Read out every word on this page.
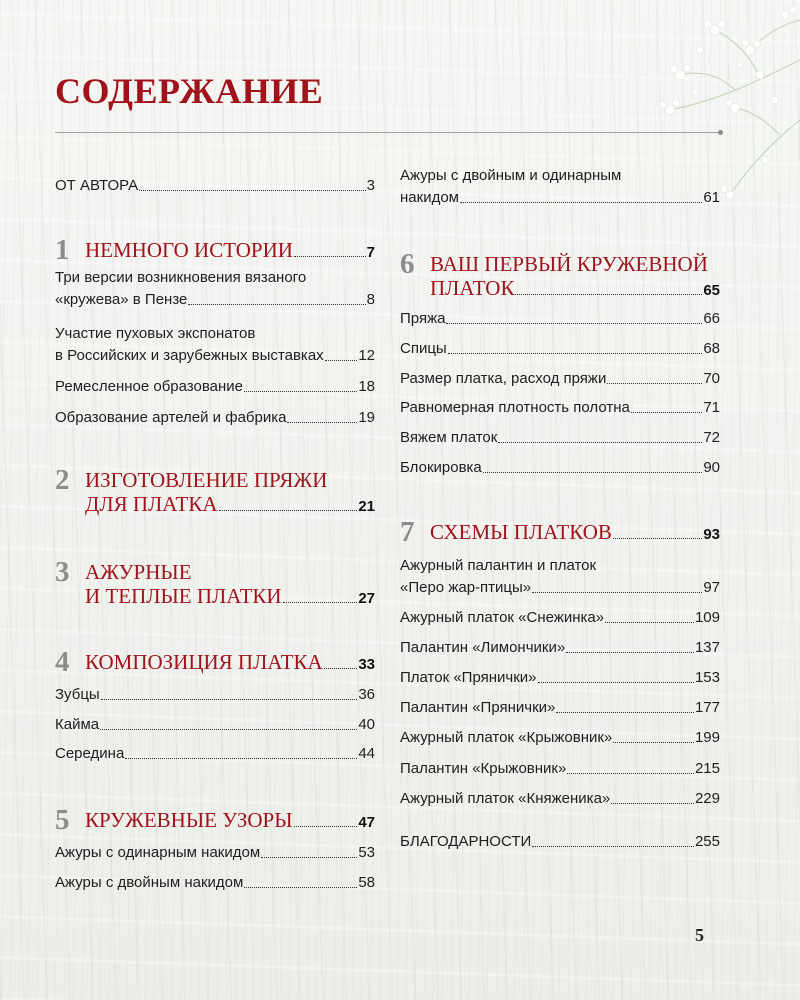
СОДЕРЖАНИЕ
ОТ АВТОРА	3
1 НЕМНОГО ИСТОРИИ	7
Три версии возникновения вязаного
«кружева» в Пензе	8
Участие пуховых экспонатов
в Российских и зарубежных выставках 12
Ремесленное образование	18
Образование артелей и фабрика	19
2 ИЗГОТОВЛЕНИЕ ПРЯЖИ
ДЛЯ ПЛАТКА	21
3 АЖУРНЫЕ
И ТЕПЛЫЕ ПЛАТКИ	27
4 КОМПОЗИЦИЯ ПЛАТКА 33
Зубцы	36
Кайма	40
Середина	44
5 КРУЖЕВНЫЕ УЗОРЫ	47
Ажуры с одинарным накидом	53
Ажуры с двойным накидом	58
Ажуры с двойным и одинарным
накидом	61
6 ВАШ ПЕРВЫЙ КРУЖЕВНОЙ
ПЛАТОК	65
Пряжа	66
Спицы	68
Размер платка, расход пряжи	70
Равномерная плотность полотна	71
Вяжем платок	72
Блокировка	90
7 СХЕМЫ ПЛАТКОВ	93
Ажурный палантин и платок
«Перо жар-птицы»	97
Ажурный платок «Снежинка»	109
Палантин «Лимончики»	137
Платок «Прянички»	153
Палантин «Прянички»	177
Ажурный платок «Крыжовник»	199
Палантин «Крыжовник»	215
Ажурный платок «Княженика»	229
БЛАГОДАРНОСТИ	255
5
